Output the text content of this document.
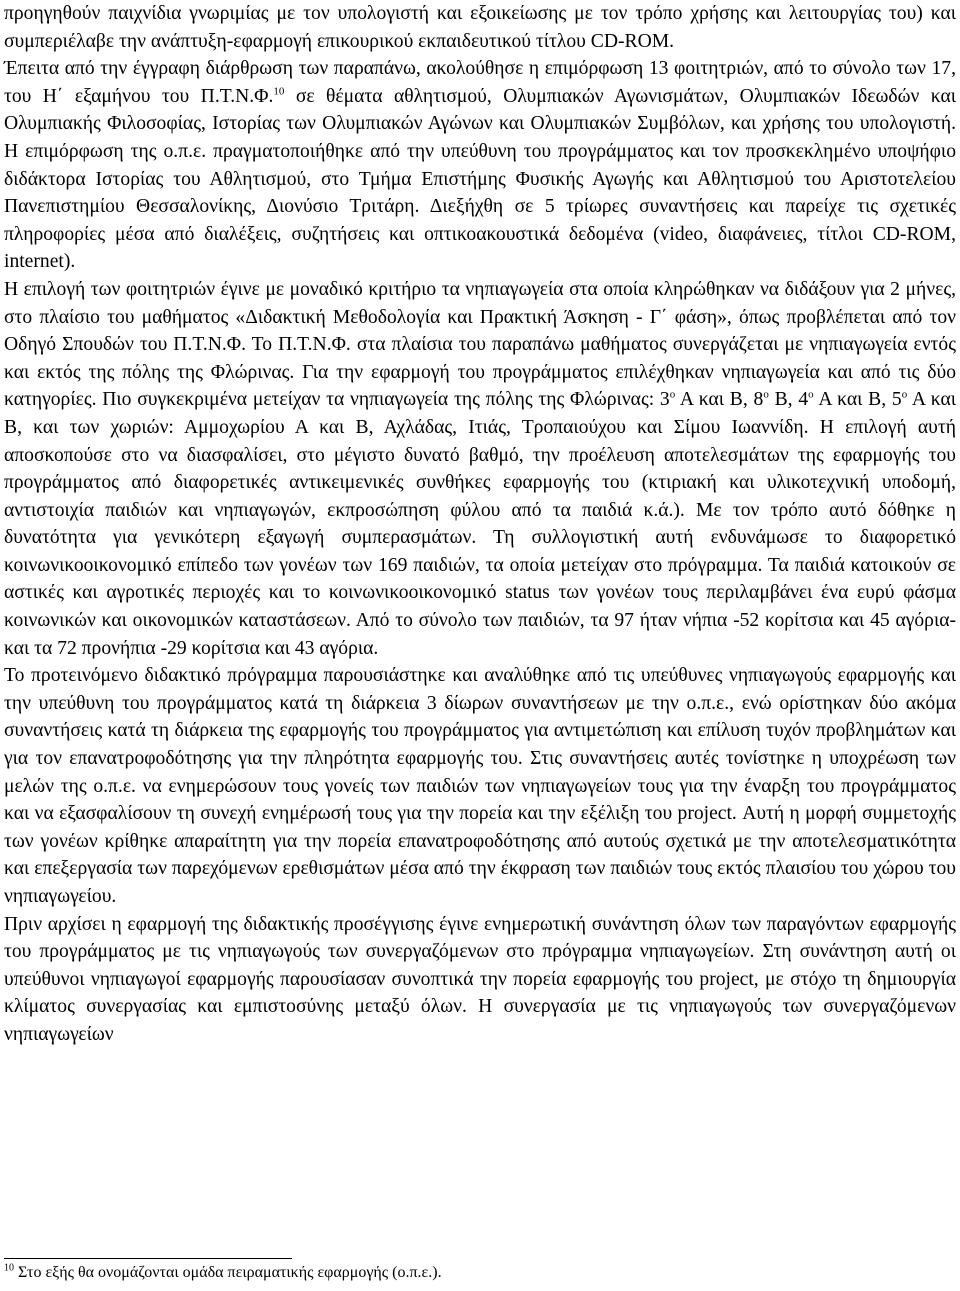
προηγηθούν παιχνίδια γνωριμίας με τον υπολογιστή και εξοικείωσης με τον τρόπο χρήσης και λειτουργίας του) και συμπεριέλαβε την ανάπτυξη-εφαρμογή επικουρικού εκπαιδευτικού τίτλου CD-ROM.

Έπειτα από την έγγραφη διάρθρωση των παραπάνω, ακολούθησε η επιμόρφωση 13 φοιτητριών, από το σύνολο των 17, του Η΄ εξαμήνου του Π.Τ.Ν.Φ.$^{10}$ σε θέματα αθλητισμού, Ολυμπιακών Αγωνισμάτων, Ολυμπιακών Ιδεωδών και Ολυμπιακής Φιλοσοφίας, Ιστορίας των Ολυμπιακών Αγώνων και Ολυμπιακών Συμβόλων, και χρήσης του υπολογιστή. Η επιμόρφωση της ο.π.ε. πραγματοποιήθηκε από την υπεύθυνη του προγράμματος και τον προσκεκλημένο υποψήφιο διδάκτορα Ιστορίας του Αθλητισμού, στο Τμήμα Επιστήμης Φυσικής Αγωγής και Αθλητισμού του Αριστοτελείου Πανεπιστημίου Θεσσαλονίκης, Διονύσιο Τριτάρη. Διεξήχθη σε 5 τρίωρες συναντήσεις και παρείχε τις σχετικές πληροφορίες μέσα από διαλέξεις, συζητήσεις και οπτικοακουστικά δεδομένα (video, διαφάνειες, τίτλοι CD-ROM, internet).

Η επιλογή των φοιτητριών έγινε με μοναδικό κριτήριο τα νηπιαγωγεία στα οποία κληρώθηκαν να διδάξουν για 2 μήνες, στο πλαίσιο του μαθήματος «Διδακτική Μεθοδολογία και Πρακτική Άσκηση - Γ΄ φάση», όπως προβλέπεται από τον Οδηγό Σπουδών του Π.Τ.Ν.Φ. Το Π.Τ.Ν.Φ. στα πλαίσια του παραπάνω μαθήματος συνεργάζεται με νηπιαγωγεία εντός και εκτός της πόλης της Φλώρινας. Για την εφαρμογή του προγράμματος επιλέχθηκαν νηπιαγωγεία και από τις δύο κατηγορίες. Πιο συγκεκριμένα μετείχαν τα νηπιαγωγεία της πόλης της Φλώρινας: $3^o$ Α και Β, $8^o$ Β, $4^o$ Α και Β, $5^o$ Α και Β, και των χωριών: Αμμοχωρίου Α και Β, Αχλάδας, Ιτιάς, Τροπαιούχου και Σίμου Ιωαννίδη. Η επιλογή αυτή αποσκοπούσε στο να διασφαλίσει, στο μέγιστο δυνατό βαθμό, την προέλευση αποτελεσμάτων της εφαρμογής του προγράμματος από διαφορετικές αντικειμενικές συνθήκες εφαρμογής του (κτιριακή και υλικοτεχνική υποδομή, αντιστοιχία παιδιών και νηπιαγωγών, εκπροσώπηση φύλου από τα παιδιά κ.ά.). Με τον τρόπο αυτό δόθηκε η δυνατότητα για γενικότερη εξαγωγή συμπερασμάτων. Τη συλλογιστική αυτή ενδυνάμωσε το διαφορετικό κοινωνικοοικονομικό επίπεδο των γονέων των 169 παιδιών, τα οποία μετείχαν στο πρόγραμμα. Τα παιδιά κατοικούν σε αστικές και αγροτικές περιοχές και το κοινωνικοοικονομικό status των γονέων τους περιλαμβάνει ένα ευρύ φάσμα κοινωνικών και οικονομικών καταστάσεων. Από το σύνολο των παιδιών, τα 97 ήταν νήπια -52 κορίτσια και 45 αγόρια- και τα 72 προνήπια -29 κορίτσια και 43 αγόρια.

Το προτεινόμενο διδακτικό πρόγραμμα παρουσιάστηκε και αναλύθηκε από τις υπεύθυνες νηπιαγωγούς εφαρμογής και την υπεύθυνη του προγράμματος κατά τη διάρκεια 3 δίωρων συναντήσεων με την ο.π.ε., ενώ ορίστηκαν δύο ακόμα συναντήσεις κατά τη διάρκεια της εφαρμογής του προγράμματος για αντιμετώπιση και επίλυση τυχόν προβλημάτων και για τον επανατροφοδότησης για την πληρότητα εφαρμογής του. Στις συναντήσεις αυτές τονίστηκε η υποχρέωση των μελών της ο.π.ε. να ενημερώσουν τους γονείς των παιδιών των νηπιαγωγείων τους για την έναρξη του προγράμματος και να εξασφαλίσουν τη συνεχή ενημέρωσή τους για την πορεία και την εξέλιξη του project. Αυτή η μορφή συμμετοχής των γονέων κρίθηκε απαραίτητη για την πορεία επανατροφοδότησης από αυτούς σχετικά με την αποτελεσματικότητα και επεξεργασία των παρεχόμενων ερεθισμάτων μέσα από την έκφραση των παιδιών τους εκτός πλαισίου του χώρου του νηπιαγωγείου.

Πριν αρχίσει η εφαρμογή της διδακτικής προσέγγισης έγινε ενημερωτική συνάντηση όλων των παραγόντων εφαρμογής του προγράμματος με τις νηπιαγωγούς των συνεργαζόμενων στο πρόγραμμα νηπιαγωγείων. Στη συνάντηση αυτή οι υπεύθυνοι νηπιαγωγοί εφαρμογής παρουσίασαν συνοπτικά την πορεία εφαρμογής του project, με στόχο τη δημιουργία κλίματος συνεργασίας και εμπιστοσύνης μεταξύ όλων. Η συνεργασία με τις νηπιαγωγούς των συνεργαζόμενων νηπιαγωγείων

$^{10}$ Στο εξής θα ονομάζονται ομάδα πειραματικής εφαρμογής (ο.π.ε.).
